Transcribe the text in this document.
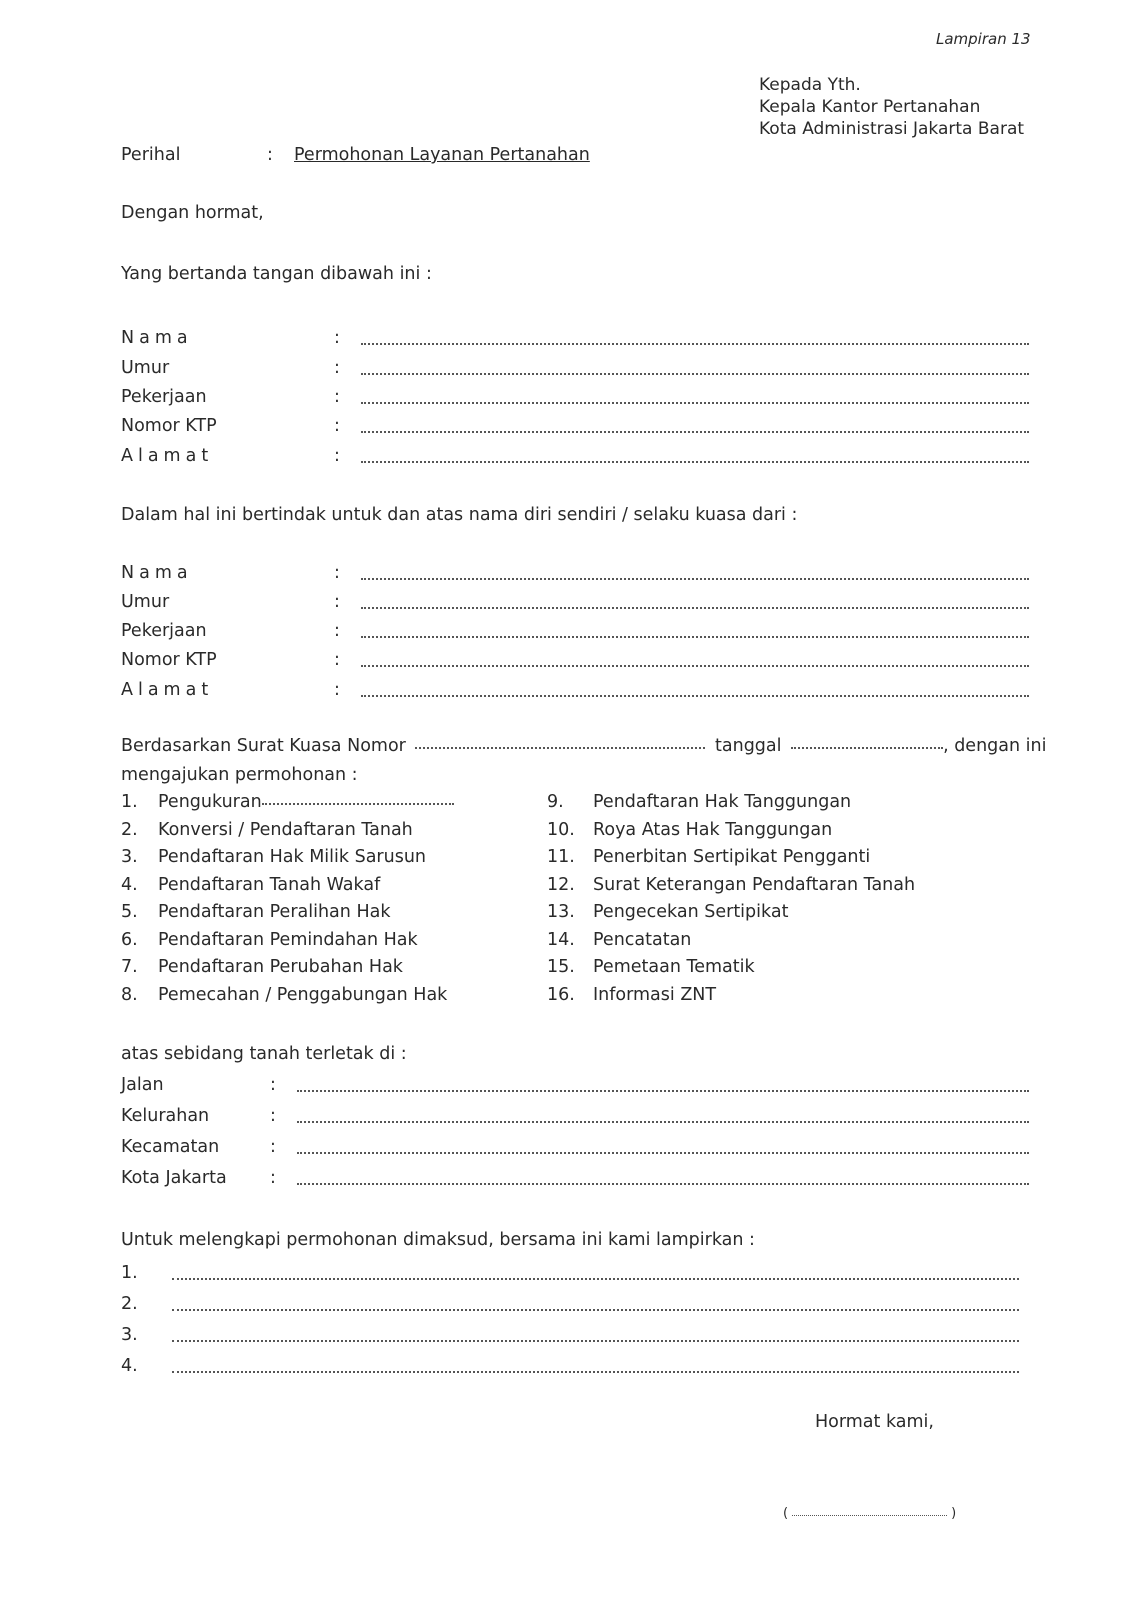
Lampiran 13
Kepada Yth.
Kepala Kantor Pertanahan
Kota Administrasi Jakarta Barat
Perihal	: Permohonan Layanan Pertanahan
Dengan hormat,
Yang bertanda tangan dibawah ini :
Nama	:
Umur	:
Pekerjaan	:
Nomor KTP	:
Alamat	:
Dalam hal ini bertindak untuk dan atas nama diri sendiri / selaku kuasa dari :
Nama	:
Umur	:
Pekerjaan	:
Nomor KTP	:
Alamat	:
Berdasarkan Surat Kuasa Nomor	tanggal	, dengan ini
mengajukan permohonan :
1. Pengukuran
2. Konversi / Pendaftaran Tanah
3. Pendaftaran Hak Milik Sarusun
4. Pendaftaran Tanah Wakaf
5. Pendaftaran Peralihan Hak
6. Pendaftaran Pemindahan Hak
7. Pendaftaran Perubahan Hak
8. Pemecahan / Penggabungan Hak
9. Pendaftaran Hak Tanggungan
10. Roya Atas Hak Tanggungan
11. Penerbitan Sertipikat Pengganti
12. Surat Keterangan Pendaftaran Tanah
13. Pengecekan Sertipikat
14. Pencatatan
15. Pemetaan Tematik
16. Informasi ZNT
atas sebidang tanah terletak di :
Jalan	:
Kelurahan	:
Kecamatan	:
Kota Jakarta :
Untuk melengkapi permohonan dimaksud, bersama ini kami lampirkan :
1.
2.
3.
4.
Hormat kami,
(	)
